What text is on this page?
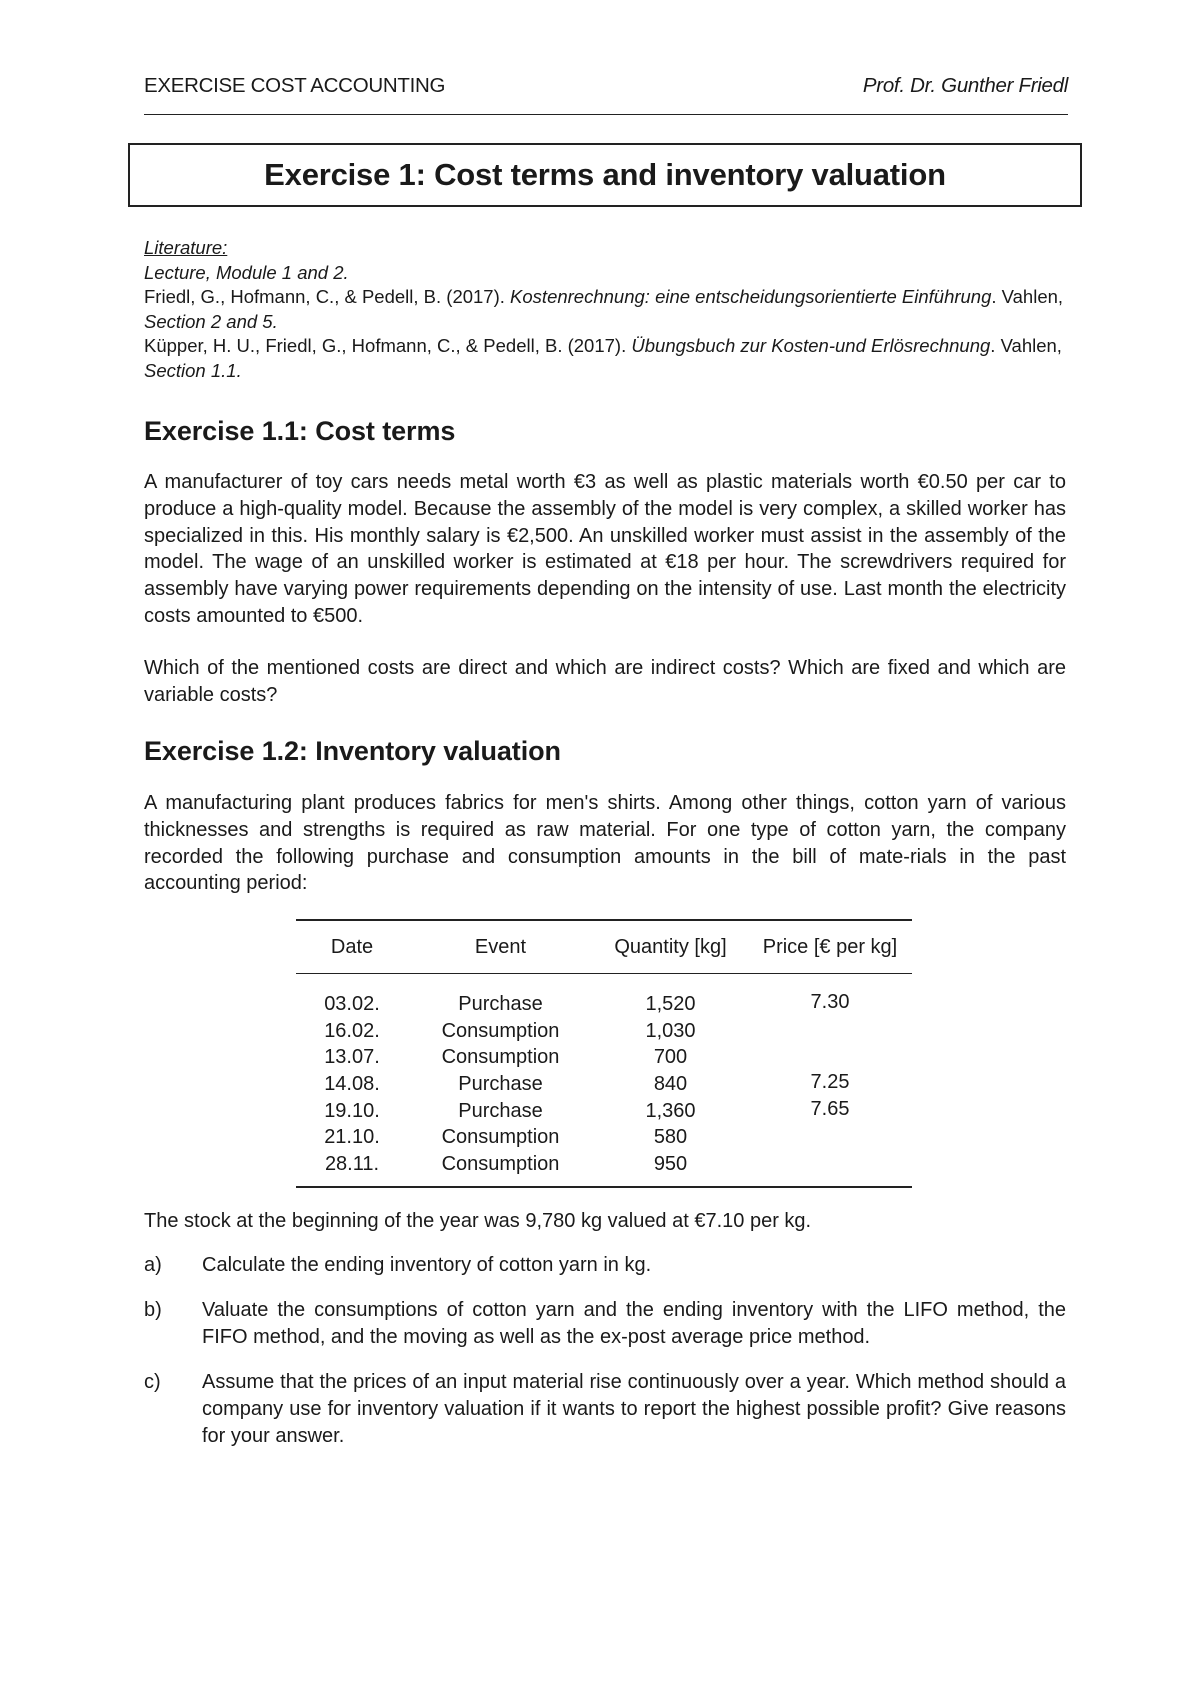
EXERCISE COST ACCOUNTING	Prof. Dr. Gunther Friedl
Exercise 1: Cost terms and inventory valuation
Literature:
Lecture, Module 1 and 2.
Friedl, G., Hofmann, C., & Pedell, B. (2017). Kostenrechnung: eine entscheidungsorientierte Einführung. Vahlen, Section 2 and 5.
Küpper, H. U., Friedl, G., Hofmann, C., & Pedell, B. (2017). Übungsbuch zur Kosten-und Erlösrechnung. Vahlen, Section 1.1.
Exercise 1.1: Cost terms

A manufacturer of toy cars needs metal worth €3 as well as plastic materials worth €0.50 per car to produce a high-quality model. Because the assembly of the model is very complex, a skilled worker has specialized in this. His monthly salary is €2,500. An unskilled worker must assist in the assembly of the model. The wage of an unskilled worker is estimated at €18 per hour. The screwdrivers required for assembly have varying power requirements depending on the intensity of use. Last month the electricity costs amounted to €500.

Which of the mentioned costs are direct and which are indirect costs? Which are fixed and which are variable costs?

Exercise 1.2: Inventory valuation

A manufacturing plant produces fabrics for men's shirts. Among other things, cotton yarn of various thicknesses and strengths is required as raw material. For one type of cotton yarn, the company recorded the following purchase and consumption amounts in the bill of mate-rials in the past accounting period:

Date	Event	Quantity [kg]	Price [€ per kg]
03.02.	Purchase	1,520	7.30
16.02.	Consumption	1,030	
13.07.	Consumption	700	
14.08.	Purchase	840	7.25
19.10.	Purchase	1,360	7.65
21.10.	Consumption	580	
28.11.	Consumption	950	

The stock at the beginning of the year was 9,780 kg valued at €7.10 per kg.

a) Calculate the ending inventory of cotton yarn in kg.
b) Valuate the consumptions of cotton yarn and the ending inventory with the LIFO method, the FIFO method, and the moving as well as the ex-post average price method.
c) Assume that the prices of an input material rise continuously over a year. Which method should a company use for inventory valuation if it wants to report the highest possible profit? Give reasons for your answer.
